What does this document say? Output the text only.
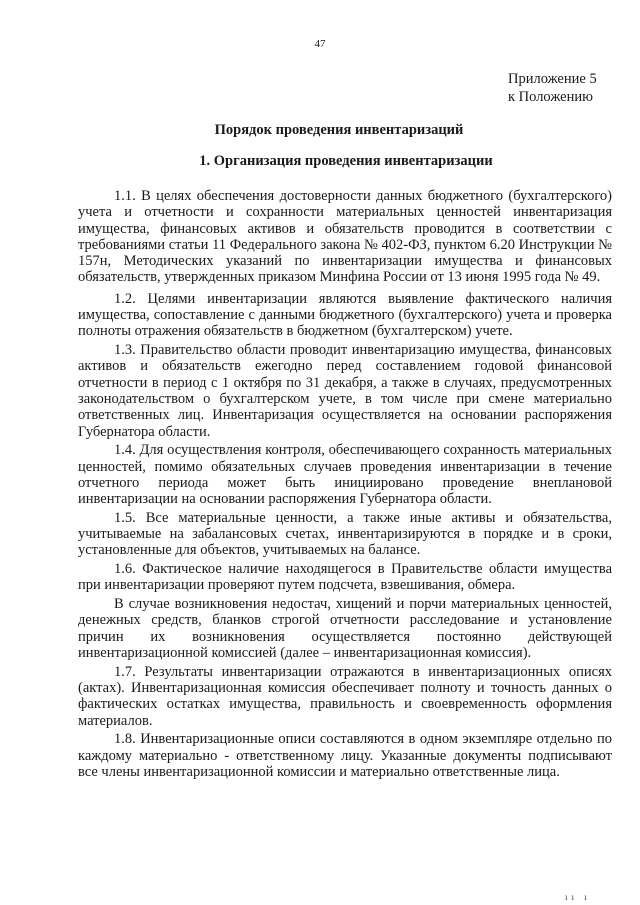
47
Приложение 5
к Положению
Порядок проведения инвентаризаций
1. Организация проведения инвентаризации

1.1. В целях обеспечения достоверности данных бюджетного (бухгалтерского) учета и отчетности и сохранности материальных ценностей инвентаризация имущества, финансовых активов и обязательств проводится в соответствии с требованиями статьи 11 Федерального закона № 402-ФЗ, пунктом 6.20 Инструкции № 157н, Методических указаний по инвентаризации имущества и финансовых обязательств, утвержденных приказом Минфина России от 13 июня 1995 года № 49.

1.2. Целями инвентаризации являются выявление фактического наличия имущества, сопоставление с данными бюджетного (бухгалтерского) учета и проверка полноты отражения обязательств в бюджетном (бухгалтерском) учете.

1.3. Правительство области проводит инвентаризацию имущества, финансовых активов и обязательств ежегодно перед составлением годовой финансовой отчетности в период с 1 октября по 31 декабря, а также в случаях, предусмотренных законодательством о бухгалтерском учете, в том числе при смене материально ответственных лиц. Инвентаризация осуществляется на основании распоряжения Губернатора области.

1.4. Для осуществления контроля, обеспечивающего сохранность материальных ценностей, помимо обязательных случаев проведения инвентаризации в течение отчетного периода может быть инициировано проведение внеплановой инвентаризации на основании распоряжения Губернатора области.

1.5. Все материальные ценности, а также иные активы и обязательства, учитываемые на забалансовых счетах, инвентаризируются в порядке и в сроки, установленные для объектов, учитываемых на балансе.

1.6. Фактическое наличие находящегося в Правительстве области имущества при инвентаризации проверяют путем подсчета, взвешивания, обмера.

В случае возникновения недостач, хищений и порчи материальных ценностей, денежных средств, бланков строгой отчетности расследование и установление причин их возникновения осуществляется постоянно действующей инвентаризационной комиссией (далее – инвентаризационная комиссия).

1.7. Результаты инвентаризации отражаются в инвентаризационных описях (актах). Инвентаризационная комиссия обеспечивает полноту и точность данных о фактических остатках имущества, правильность и своевременность оформления материалов.

1.8. Инвентаризационные описи составляются в одном экземпляре отдельно по каждому материально - ответственному лицу. Указанные документы подписывают все члены инвентаризационной комиссии и материально ответственные лица.

ıı ı
